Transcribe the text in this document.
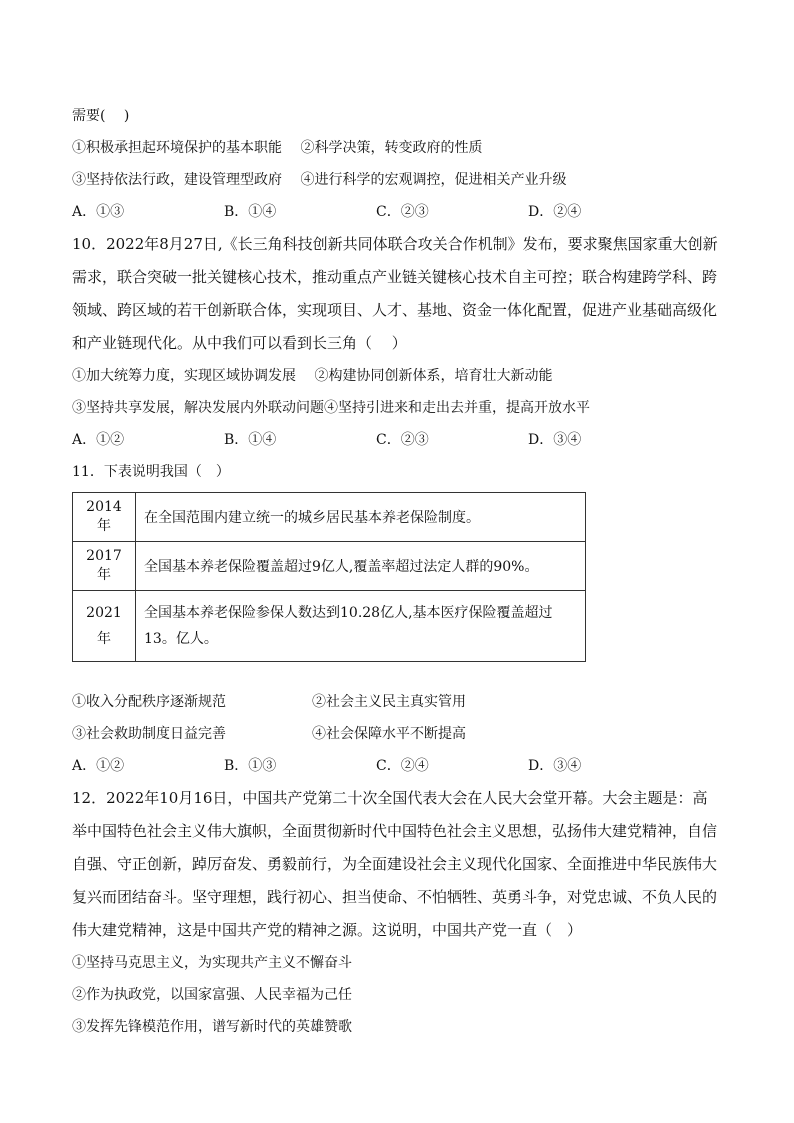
需要(　 )
①积极承担起环境保护的基本职能　 ②科学决策，转变政府的性质
③坚持依法行政，建设管理型政府　 ④进行科学的宏观调控，促进相关产业升级
A．①③	B．①④	C．②③	D．②④
10．2022年8月27日,《长三角科技创新共同体联合攻关合作机制》发布，要求聚焦国家重大创新需求，联合突破一批关键核心技术，推动重点产业链关键核心技术自主可控；联合构建跨学科、跨领域、跨区域的若干创新联合体，实现项目、人才、基地、资金一体化配置，促进产业基础高级化和产业链现代化。从中我们可以看到长三角（　 ）
①加大统筹力度，实现区域协调发展　 ②构建协同创新体系，培育壮大新动能
③坚持共享发展，解决发展内外联动问题④坚持引进来和走出去并重，提高开放水平
A．①②	B．①④	C．②③	D．③④
11．下表说明我国（　）
2014年	在全国范围内建立统一的城乡居民基本养老保险制度。
2017年	全国基本养老保险覆盖超过9亿人,覆盖率超过法定人群的90%。
2021年	全国基本养老保险参保人数达到10.28亿人,基本医疗保险覆盖超过13。亿人。
①收入分配秩序逐渐规范	②社会主义民主真实管用
③社会救助制度日益完善	④社会保障水平不断提高
A．①②	B．①③	C．②④	D．③④
12．2022年10月16日，中国共产党第二十次全国代表大会在人民大会堂开幕。大会主题是：高举中国特色社会主义伟大旗帜，全面贯彻新时代中国特色社会主义思想，弘扬伟大建党精神，自信自强、守正创新，踔厉奋发、勇毅前行，为全面建设社会主义现代化国家、全面推进中华民族伟大复兴而团结奋斗。坚守理想，践行初心、担当使命、不怕牺牲、英勇斗争，对党忠诚、不负人民的伟大建党精神，这是中国共产党的精神之源。这说明，中国共产党一直（　）
①坚持马克思主义，为实现共产主义不懈奋斗
②作为执政党，以国家富强、人民幸福为己任
③发挥先锋模范作用，谱写新时代的英雄赞歌
